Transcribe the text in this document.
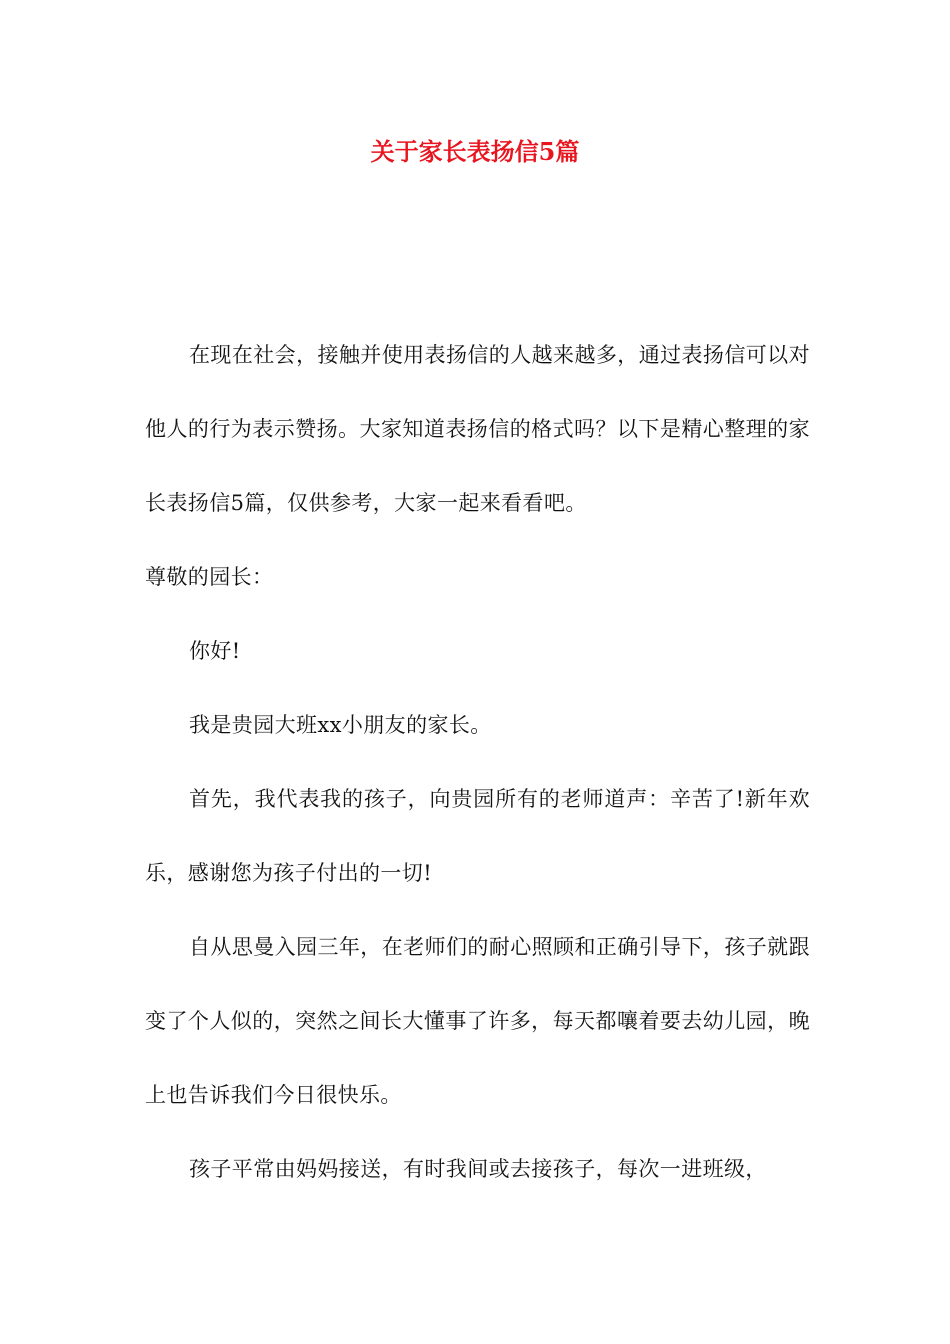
关于家长表扬信5篇

在现在社会，接触并使用表扬信的人越来越多，通过表扬信可以对他人的行为表示赞扬。大家知道表扬信的格式吗？以下是精心整理的家长表扬信5篇，仅供参考，大家一起来看看吧。

尊敬的园长：

你好!

我是贵园大班xx小朋友的家长。

首先，我代表我的孩子，向贵园所有的老师道声：辛苦了!新年欢乐，感谢您为孩子付出的一切!

自从思曼入园三年，在老师们的耐心照顾和正确引导下，孩子就跟变了个人似的，突然之间长大懂事了许多，每天都嚷着要去幼儿园，晚上也告诉我们今日很快乐。

孩子平常由妈妈接送，有时我间或去接孩子，每次一进班级，
